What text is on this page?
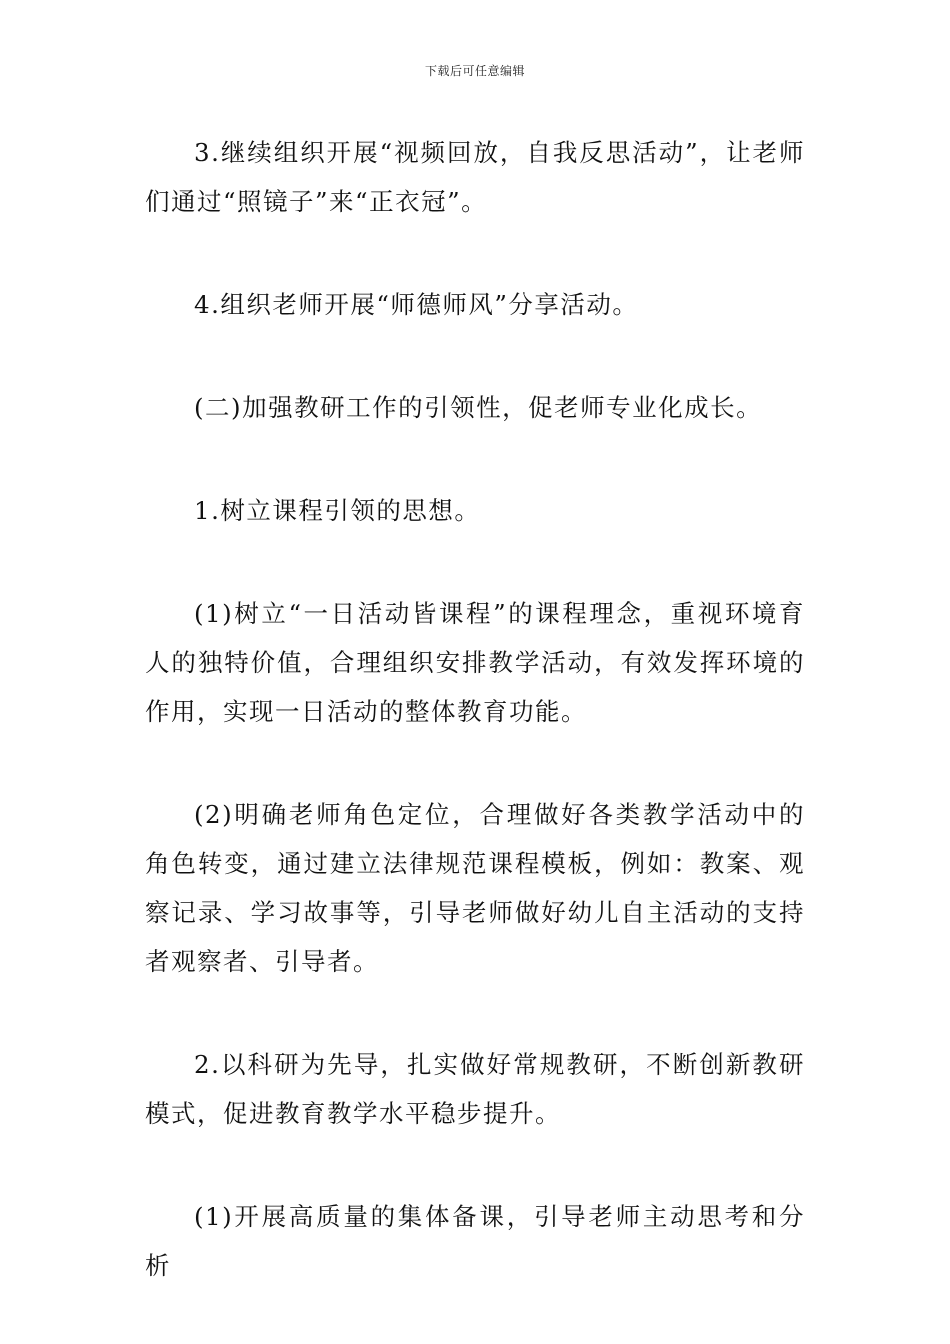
下载后可任意编辑

3.继续组织开展“视频回放，自我反思活动”，让老师们通过“照镜子”来“正衣冠”。

4.组织老师开展“师德师风”分享活动。

(二)加强教研工作的引领性，促老师专业化成长。

1.树立课程引领的思想。

(1)树立“一日活动皆课程”的课程理念，重视环境育人的独特价值，合理组织安排教学活动，有效发挥环境的作用，实现一日活动的整体教育功能。

(2)明确老师角色定位，合理做好各类教学活动中的角色转变，通过建立法律规范课程模板，例如：教案、观察记录、学习故事等，引导老师做好幼儿自主活动的支持者观察者、引导者。

2.以科研为先导，扎实做好常规教研，不断创新教研模式，促进教育教学水平稳步提升。

(1)开展高质量的集体备课，引导老师主动思考和分析
